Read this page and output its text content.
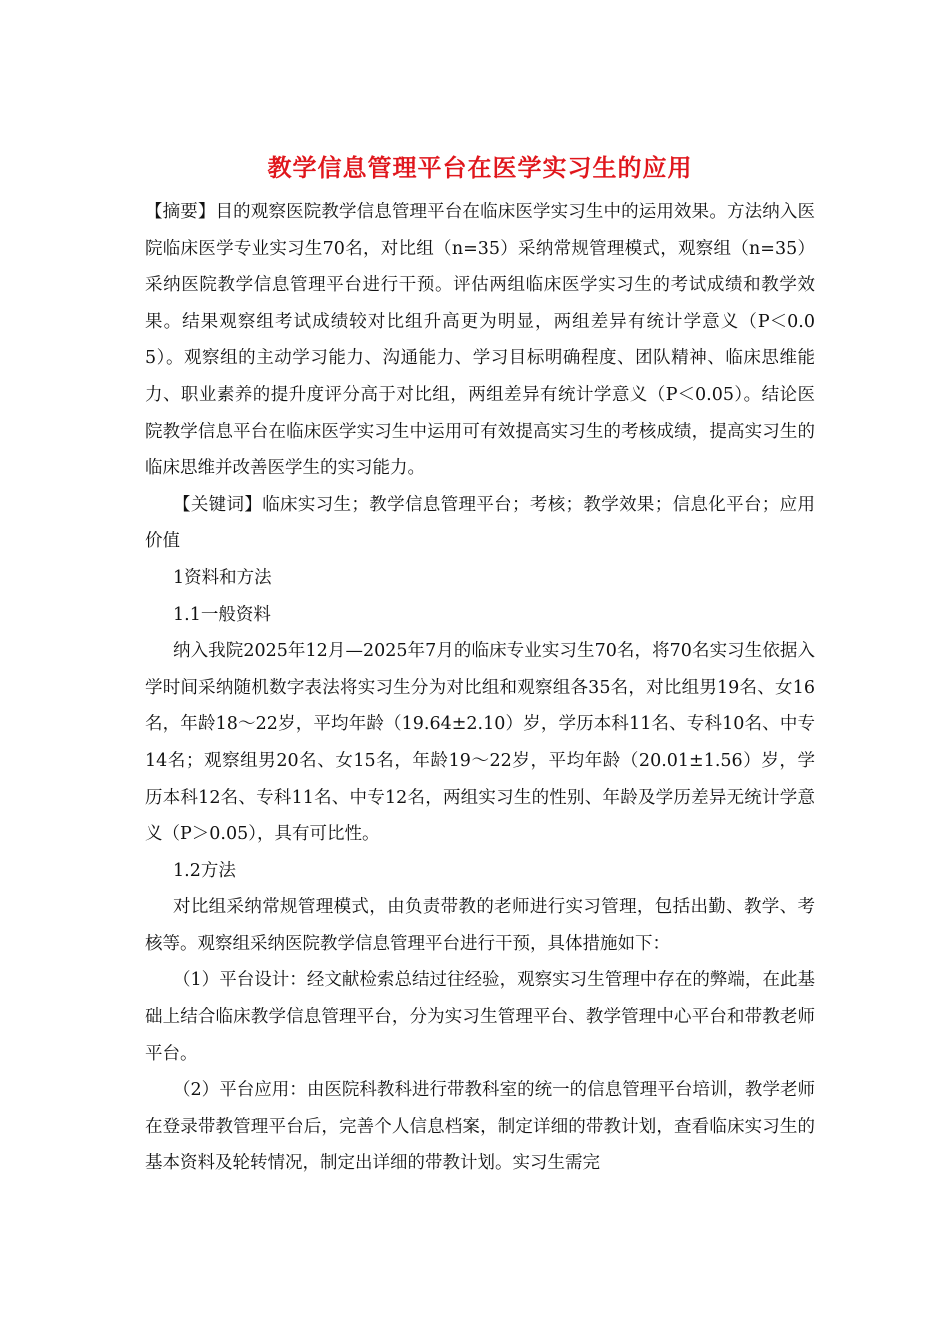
教学信息管理平台在医学实习生的应用

【摘要】目的观察医院教学信息管理平台在临床医学实习生中的运用效果。方法纳入医院临床医学专业实习生70名，对比组（n=35）采纳常规管理模式，观察组（n=35）采纳医院教学信息管理平台进行干预。评估两组临床医学实习生的考试成绩和教学效果。结果观察组考试成绩较对比组升高更为明显，两组差异有统计学意义（P＜0.05）。观察组的主动学习能力、沟通能力、学习目标明确程度、团队精神、临床思维能力、职业素养的提升度评分高于对比组，两组差异有统计学意义（P＜0.05）。结论医院教学信息平台在临床医学实习生中运用可有效提高实习生的考核成绩，提高实习生的临床思维并改善医学生的实习能力。

【关键词】临床实习生；教学信息管理平台；考核；教学效果；信息化平台；应用价值

1资料和方法

1.1一般资料

纳入我院2025年12月—2025年7月的临床专业实习生70名，将70名实习生依据入学时间采纳随机数字表法将实习生分为对比组和观察组各35名，对比组男19名、女16名，年龄18～22岁，平均年龄（19.64±2.10）岁，学历本科11名、专科10名、中专14名；观察组男20名、女15名，年龄19～22岁，平均年龄（20.01±1.56）岁，学历本科12名、专科11名、中专12名，两组实习生的性别、年龄及学历差异无统计学意义（P＞0.05），具有可比性。

1.2方法

对比组采纳常规管理模式，由负责带教的老师进行实习管理，包括出勤、教学、考核等。观察组采纳医院教学信息管理平台进行干预，具体措施如下：

（1）平台设计：经文献检索总结过往经验，观察实习生管理中存在的弊端，在此基础上结合临床教学信息管理平台，分为实习生管理平台、教学管理中心平台和带教老师平台。

（2）平台应用：由医院科教科进行带教科室的统一的信息管理平台培训，教学老师在登录带教管理平台后，完善个人信息档案，制定详细的带教计划，查看临床实习生的基本资料及轮转情况，制定出详细的带教计划。实习生需完
